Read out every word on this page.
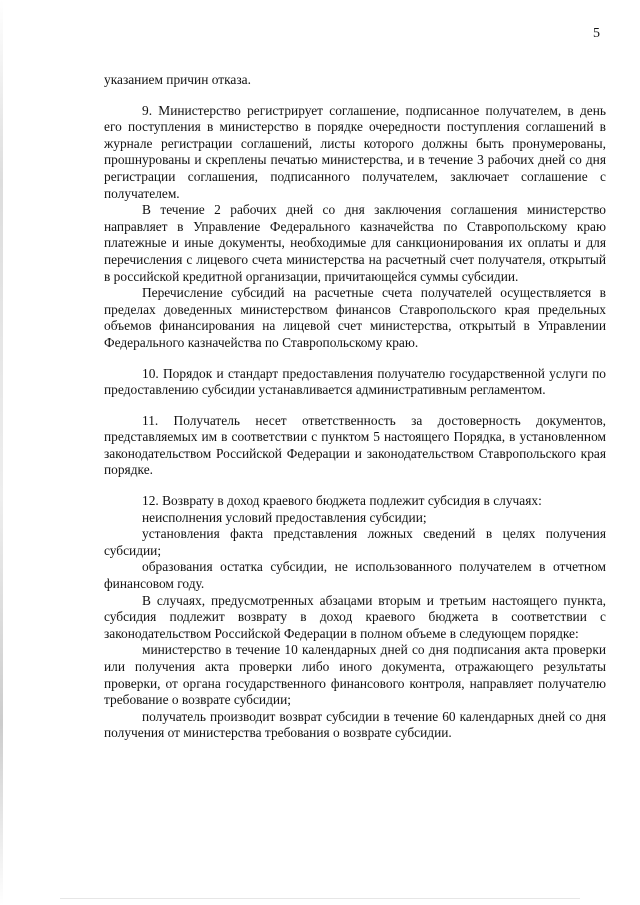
5

указанием причин отказа.

9. Министерство регистрирует соглашение, подписанное получателем, в день его поступления в министерство в порядке очередности поступления соглашений в журнале регистрации соглашений, листы которого должны быть пронумерованы, прошнурованы и скреплены печатью министерства, и в течение 3 рабочих дней со дня регистрации соглашения, подписанного получателем, заключает соглашение с получателем.

В течение 2 рабочих дней со дня заключения соглашения министерство направляет в Управление Федерального казначейства по Ставропольскому краю платежные и иные документы, необходимые для санкционирования их оплаты и для перечисления с лицевого счета министерства на расчетный счет получателя, открытый в российской кредитной организации, причитающейся суммы субсидии.

Перечисление субсидий на расчетные счета получателей осуществляется в пределах доведенных министерством финансов Ставропольского края предельных объемов финансирования на лицевой счет министерства, открытый в Управлении Федерального казначейства по Ставропольскому краю.

10. Порядок и стандарт предоставления получателю государственной услуги по предоставлению субсидии устанавливается административным регламентом.

11. Получатель несет ответственность за достоверность документов, представляемых им в соответствии с пунктом 5 настоящего Порядка, в установленном законодательством Российской Федерации и законодательством Ставропольского края порядке.

12. Возврату в доход краевого бюджета подлежит субсидия в случаях:

неисполнения условий предоставления субсидии;

установления факта представления ложных сведений в целях получения субсидии;

образования остатка субсидии, не использованного получателем в отчетном финансовом году.

В случаях, предусмотренных абзацами вторым и третьим настоящего пункта, субсидия подлежит возврату в доход краевого бюджета в соответствии с законодательством Российской Федерации в полном объеме в следующем порядке:

министерство в течение 10 календарных дней со дня подписания акта проверки или получения акта проверки либо иного документа, отражающего результаты проверки, от органа государственного финансового контроля, направляет получателю требование о возврате субсидии;

получатель производит возврат субсидии в течение 60 календарных дней со дня получения от министерства требования о возврате субсидии.
